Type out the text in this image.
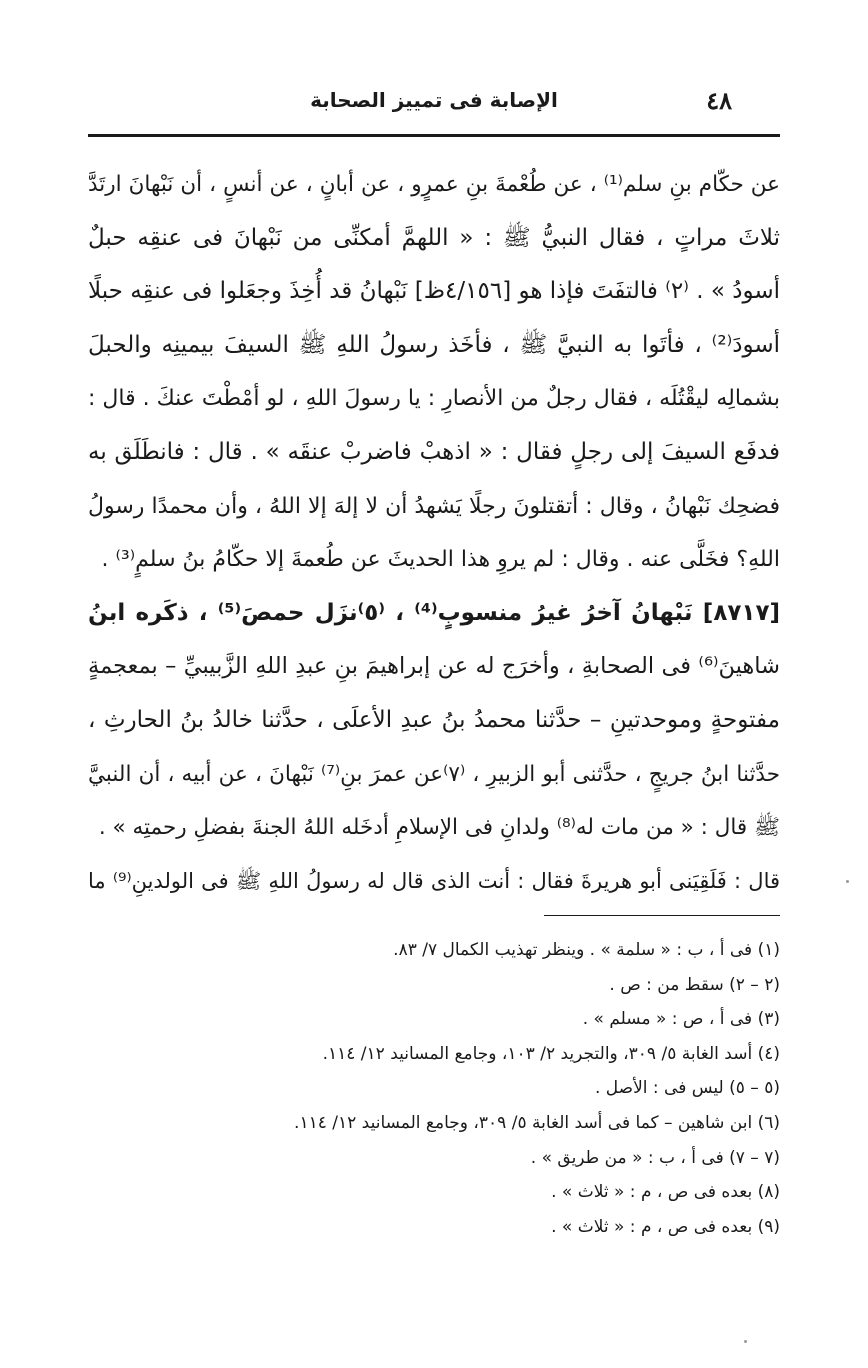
٤٨
الإصابة فى تمييز الصحابة
عن حكّام بنِ سلم⁽¹⁾ ، عن طُعْمةَ بنِ عمرٍو ، عن أبانٍ ، عن أنسٍ ، أن نَبْهانَ ارتَدَّ
ثلاثَ مراتٍ ، فقال النبيُّ ﷺ : « اللهمَّ أمكنِّى من نَبْهانَ فى عنقِه حبلٌ
أسودُ » . ⁽٢⁾ فالتفَتَ فإذا هو [٤/١٥٦ظ] نَبْهانُ قد أُخِذَ وجعَلوا فى عنقِه حبلًا
أسودَ⁽²⁾ ، فأتَوا به النبيَّ ﷺ ، فأخَذ رسولُ اللهِ ﷺ السيفَ بيمينِه والحبلَ
بشمالِه ليقْتُلَه ، فقال رجلٌ من الأنصارِ : يا رسولَ اللهِ ، لو أمْطْتَ عنكَ . قال :
فدفَع السيفَ إلى رجلٍ فقال : « اذهبْ فاضربْ عنقَه » . قال : فانطَلَق به
فضحِك نَبْهانُ ، وقال : أتقتلونَ رجلًا يَشهدُ أن لا إلهَ إلا اللهُ ، وأن محمدًا رسولُ
اللهِ؟ فخَلَّى عنه . وقال : لم يروِ هذا الحديثَ عن طُعمةَ إلا حكّامُ بنُ سلمٍ⁽³⁾ .
[٨٧١٧] نَبْهانُ آخرُ غيرُ منسوبٍ⁽⁴⁾ ، ⁽٥⁾نزَل حمصَ⁽⁵⁾ ، ذكَره ابنُ
شاهينَ⁽⁶⁾ فى الصحابةِ ، وأخرَج له عن إبراهيمَ بنِ عبدِ اللهِ الزَّبيبيِّ – بمعجمةٍ
مفتوحةٍ وموحدتينِ – حدَّثنا محمدُ بنُ عبدِ الأعلَى ، حدَّثنا خالدُ بنُ الحارثِ ،
حدَّثنا ابنُ جريجٍ ، حدَّثنى أبو الزبيرِ ، ⁽٧⁾عن عمرَ بنِ⁽⁷⁾ نَبْهانَ ، عن أبيه ، أن النبيَّ
ﷺ قال : « من مات له⁽⁸⁾ ولدانِ فى الإسلامِ أدخَله اللهُ الجنةَ بفضلِ رحمتِه » .
قال : فَلَقِيَنى أبو هريرةَ فقال : أنت الذى قال له رسولُ اللهِ ﷺ فى الولدينِ⁽⁹⁾ ما
(١) فى أ ، ب : « سلمة » . وينظر تهذيب الكمال ٧/ ٨٣.
(٢ – ٢) سقط من : ص .
(٣) فى أ ، ص : « مسلم » .
(٤) أسد الغابة ٥/ ٣٠٩، والتجريد ٢/ ١٠٣، وجامع المسانيد ١٢/ ١١٤.
(٥ – ٥) ليس فى : الأصل .
(٦) ابن شاهين – كما فى أسد الغابة ٥/ ٣٠٩، وجامع المسانيد ١٢/ ١١٤.
(٧ – ٧) فى أ ، ب : « من طريق » .
(٨) بعده فى ص ، م : « ثلاث » .
(٩) بعده فى ص ، م : « ثلاث » .
